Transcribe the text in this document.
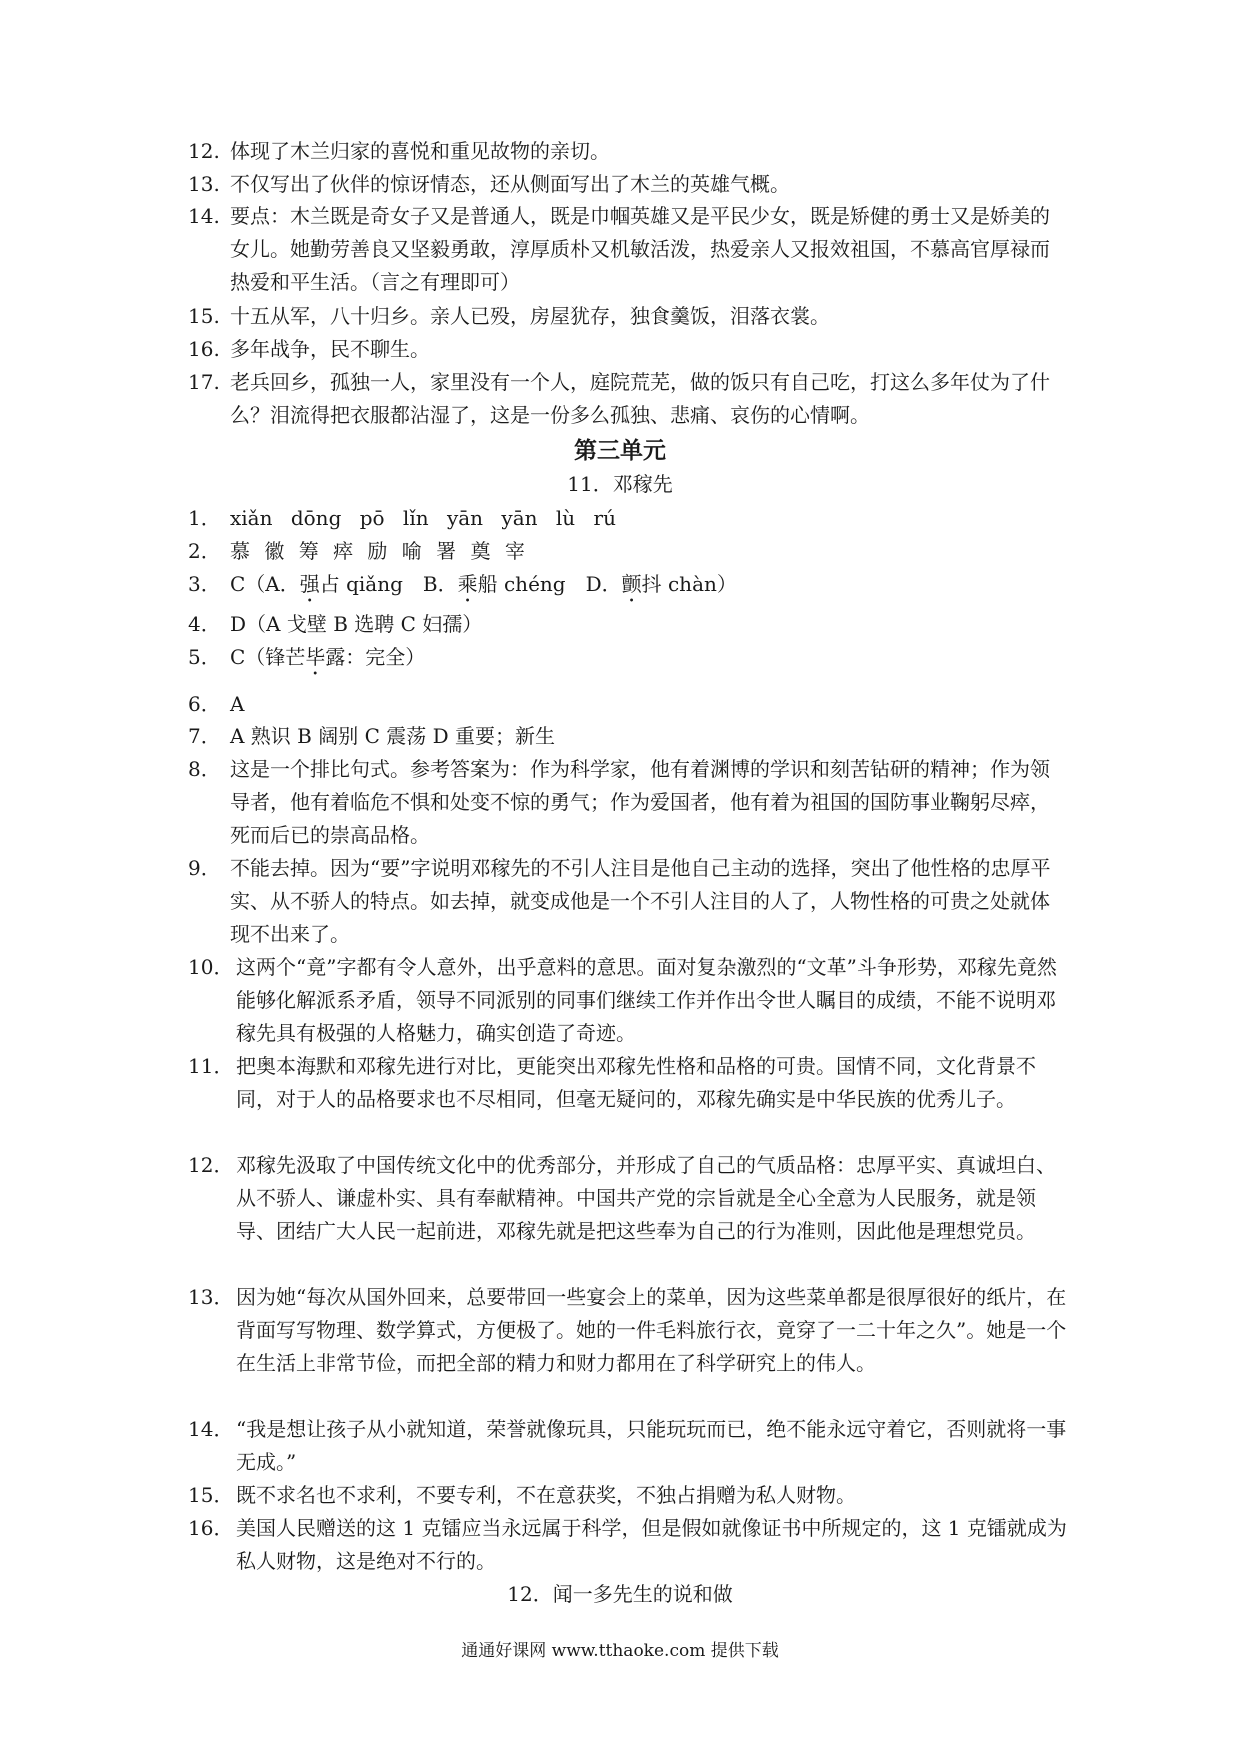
12. 体现了木兰归家的喜悦和重见故物的亲切。
13. 不仅写出了伙伴的惊讶情态，还从侧面写出了木兰的英雄气概。
14. 要点：木兰既是奇女子又是普通人，既是巾帼英雄又是平民少女，既是矫健的勇士又是娇美的女儿。她勤劳善良又坚毅勇敢，淳厚质朴又机敏活泼，热爱亲人又报效祖国，不慕高官厚禄而热爱和平生活。（言之有理即可）
15. 十五从军，八十归乡。亲人已殁，房屋犹存，独食羹饭，泪落衣裳。
16. 多年战争，民不聊生。
17. 老兵回乡，孤独一人，家里没有一个人，庭院荒芜，做的饭只有自己吃，打这么多年仗为了什么？泪流得把衣服都沾湿了，这是一份多么孤独、悲痛、哀伤的心情啊。
第三单元
11．邓稼先
1． xiǎn dōng pō lǐn yān yān lù rú
2． 慕 徽 筹 瘁 励 喻 署 奠 宰
3． C（A．强占 qiǎng　B．乘船 chéng　D．颤抖 chàn）
4． D（A 戈壁 B 选聘 C 妇孺）
5． C（锋芒毕露：完全）
6． A
7． A 熟识 B 阔别 C 震荡 D 重要；新生
8． 这是一个排比句式。参考答案为：作为科学家，他有着渊博的学识和刻苦钻研的精神；作为领导者，他有着临危不惧和处变不惊的勇气；作为爱国者，他有着为祖国的国防事业鞠躬尽瘁，死而后已的崇高品格。
9． 不能去掉。因为“要”字说明邓稼先的不引人注目是他自己主动的选择，突出了他性格的忠厚平实、从不骄人的特点。如去掉，就变成他是一个不引人注目的人了，人物性格的可贵之处就体现不出来了。
10． 这两个“竟”字都有令人意外，出乎意料的意思。面对复杂激烈的“文革”斗争形势，邓稼先竟然能够化解派系矛盾，领导不同派别的同事们继续工作并作出令世人瞩目的成绩，不能不说明邓稼先具有极强的人格魅力，确实创造了奇迹。
11． 把奥本海默和邓稼先进行对比，更能突出邓稼先性格和品格的可贵。国情不同，文化背景不同，对于人的品格要求也不尽相同，但毫无疑问的，邓稼先确实是中华民族的优秀儿子。
12． 邓稼先汲取了中国传统文化中的优秀部分，并形成了自己的气质品格：忠厚平实、真诚坦白、从不骄人、谦虚朴实、具有奉献精神。中国共产党的宗旨就是全心全意为人民服务，就是领导、团结广大人民一起前进，邓稼先就是把这些奉为自己的行为准则，因此他是理想党员。
13． 因为她“每次从国外回来，总要带回一些宴会上的菜单，因为这些菜单都是很厚很好的纸片，在背面写写物理、数学算式，方便极了。她的一件毛料旅行衣，竟穿了一二十年之久”。她是一个在生活上非常节俭，而把全部的精力和财力都用在了科学研究上的伟人。
14． “我是想让孩子从小就知道，荣誉就像玩具，只能玩玩而已，绝不能永远守着它，否则就将一事无成。”
15． 既不求名也不求利，不要专利，不在意获奖，不独占捐赠为私人财物。
16． 美国人民赠送的这 1 克镭应当永远属于科学，但是假如就像证书中所规定的，这 1 克镭就成为私人财物，这是绝对不行的。
12．闻一多先生的说和做
通通好课网 www.tthaoke.com 提供下载
